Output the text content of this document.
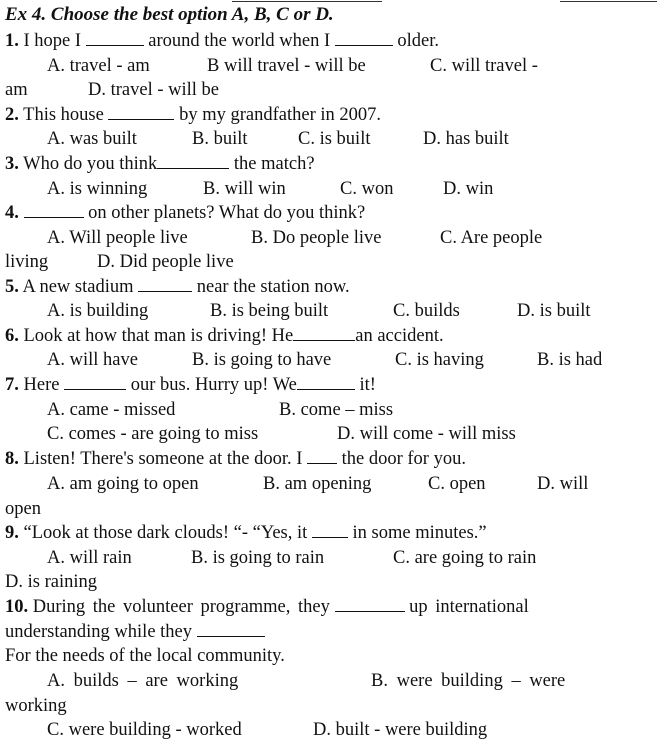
Ex 4. Choose the best option A, B, C or D.
1. I hope I	around the world when I	older.
A. travel - am	B will travel - will be	C. will travel -
am	D. travel - will be
2. This house	by my grandfather in 2007.
A. was built	B. built	C. is built	D. has built
3. Who do you think	the match?
A. is winning	B. will win	C. won	D. win
4.	on other planets? What do you think?
A. Will people live	B. Do people live	C. Are people
living	D. Did people live
5. A new stadium	near the station now.
A. is building	B. is being built	C. builds	D. is built
6. Look at how that man is driving! He	an accident.
A. will have	B. is going to have	C. is having	B. is had
7. Here	our bus. Hurry up! We	it!
A. came - missed	B. come – miss
C. comes - are going to miss	D. will come - will miss
8. Listen! There's someone at the door. I the door for you.
A. am going to open	B. am opening	C. open	D. will
open
9. “Look at those dark clouds! “- “Yes, it in some minutes.”
A. will rain	B. is going to rain	C. are going to rain
D. is raining
10. During the volunteer programme, they	up international
understanding while they
For the needs of the local community.
A. builds – are working	B. were building – were
working
C. were building - worked	D. built - were building
